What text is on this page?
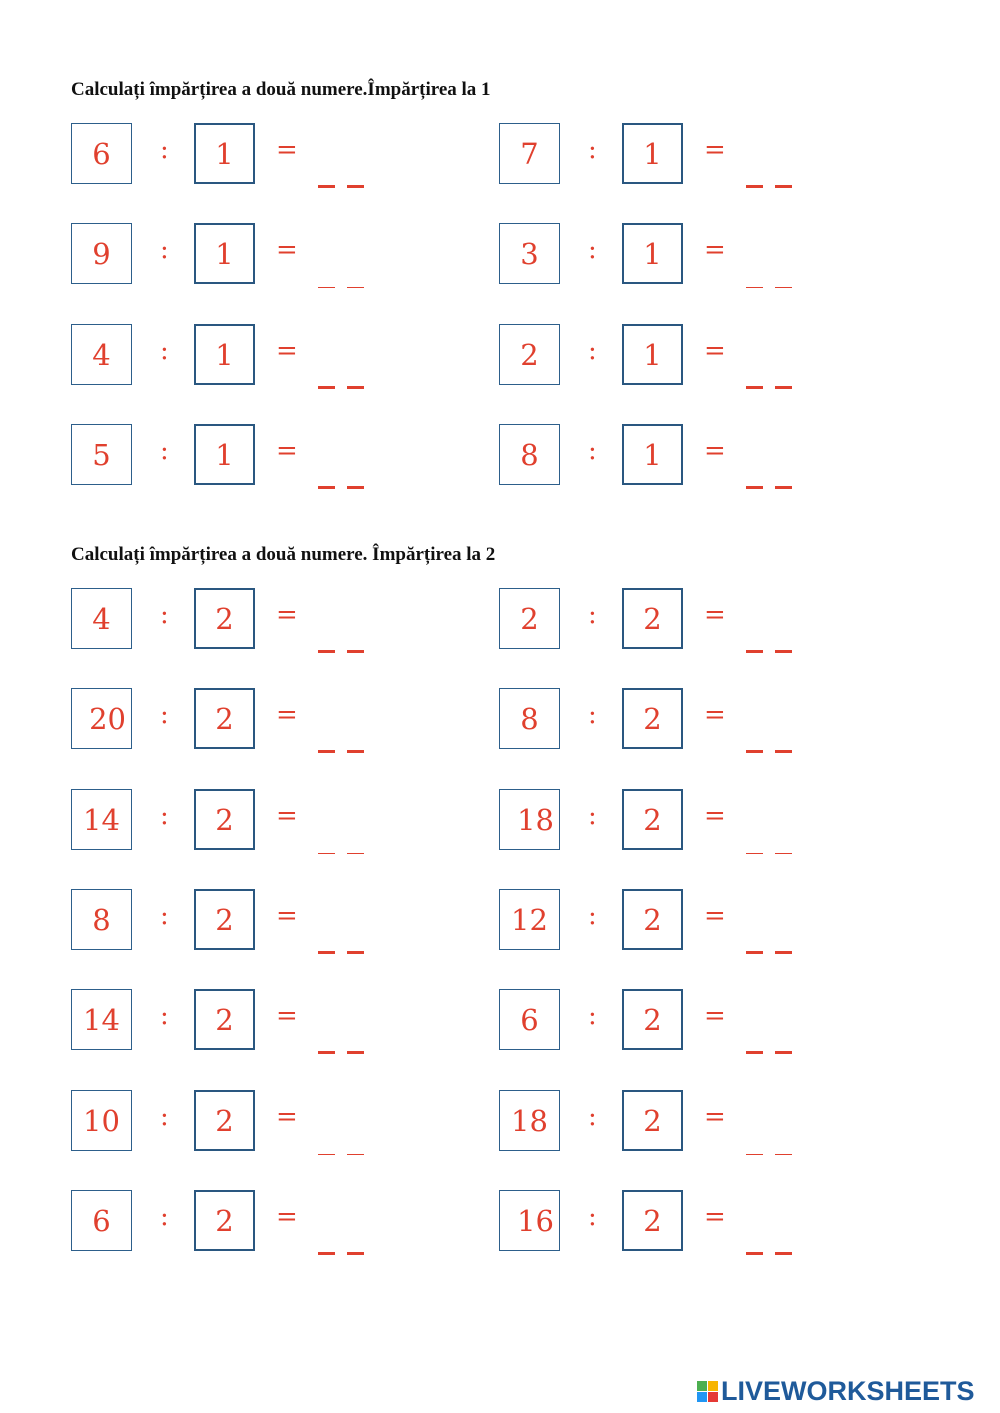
Calculați împărțirea a două numere.Împărțirea la 1
Calculați împărțirea a două numere. Împărțirea la 2
6	:	1	=	7	:	1	=
9	:	1	=	3	:	1	=
4	:	1	=	2	:	1	=
5	:	1	=	8	:	1	=
4	:	2	=	2	:	2	=
20 :	2	=	8	:	2	=
14	:	2	=	18 :	2	=
8	:	2	=	12	:	2	=
14	:	2	=	6	:	2	=
10	:	2	=	18	:	2	=
6	:	2	=	16 :	2	=
LIVEWORKSHEETS
